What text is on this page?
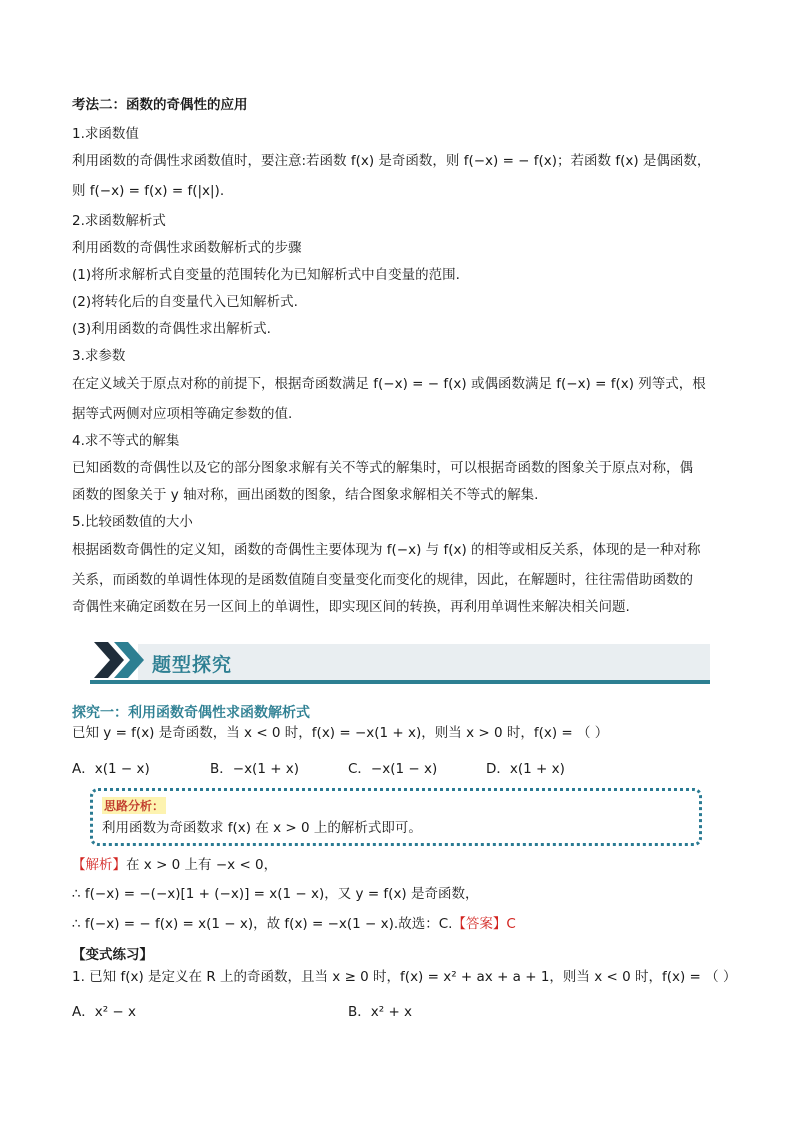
考法二：函数的奇偶性的应用
1.求函数值
利用函数的奇偶性求函数值时，要注意:若函数 f(x) 是奇函数，则 f(−x) = − f(x)；若函数 f(x) 是偶函数，
则 f(−x) = f(x) = f(|x|).
2.求函数解析式
利用函数的奇偶性求函数解析式的步骤
(1)将所求解析式自变量的范围转化为已知解析式中自变量的范围.
(2)将转化后的自变量代入已知解析式.
(3)利用函数的奇偶性求出解析式.
3.求参数
在定义域关于原点对称的前提下，根据奇函数满足 f(−x) = − f(x) 或偶函数满足 f(−x) = f(x) 列等式，根
据等式两侧对应项相等确定参数的值.
4.求不等式的解集
已知函数的奇偶性以及它的部分图象求解有关不等式的解集时，可以根据奇函数的图象关于原点对称，偶
函数的图象关于 y 轴对称，画出函数的图象，结合图象求解相关不等式的解集.
5.比较函数值的大小
根据函数奇偶性的定义知，函数的奇偶性主要体现为 f(−x) 与 f(x) 的相等或相反关系，体现的是一种对称
关系，而函数的单调性体现的是函数值随自变量变化而变化的规律，因此，在解题时，往往需借助函数的
奇偶性来确定函数在另一区间上的单调性，即实现区间的转换，再利用单调性来解决相关问题.
题型探究
探究一：利用函数奇偶性求函数解析式
已知 y = f(x) 是奇函数，当 x < 0 时，f(x) = −x(1 + x)，则当 x > 0 时，f(x) = （ ）
A．x(1 − x)	B．−x(1 + x)	C．−x(1 − x)	D．x(1 + x)
思路分析：
利用函数为奇函数求 f(x) 在 x > 0 上的解析式即可。
【解析】在 x > 0 上有 −x < 0，
∴ f(−x) = −(−x)[1 + (−x)] = x(1 − x)，又 y = f(x) 是奇函数，
∴ f(−x) = − f(x) = x(1 − x)，故 f(x) = −x(1 − x).故选：C.【答案】C
【变式练习】
1. 已知 f(x) 是定义在 R 上的奇函数，且当 x ≥ 0 时，f(x) = x² + ax + a + 1，则当 x < 0 时，f(x) = （ ）
A．x² − x	B．x² + x
